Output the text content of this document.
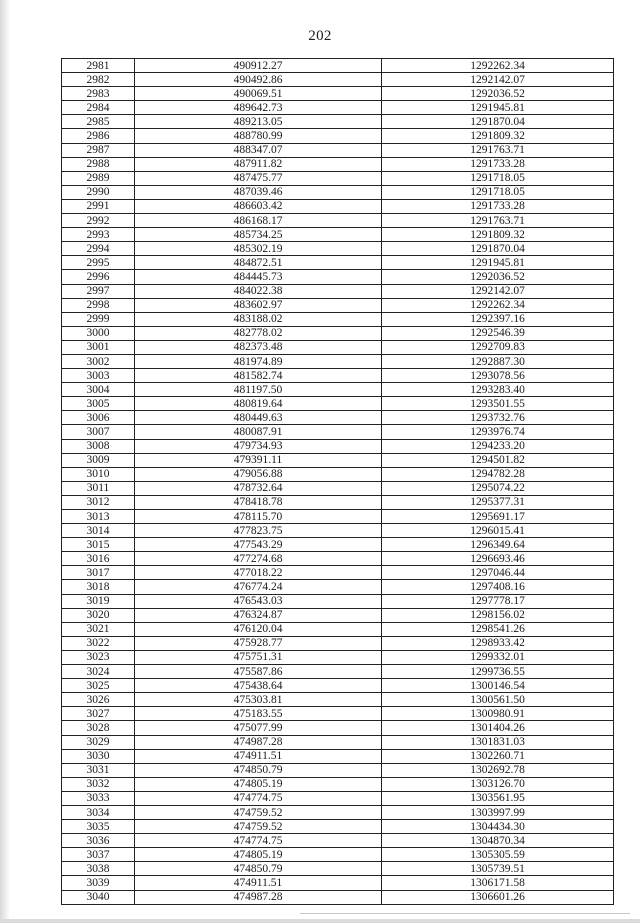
202
2981	490912.27	1292262.34
2982	490492.86	1292142.07
2983	490069.51	1292036.52
2984	489642.73	1291945.81
2985	489213.05	1291870.04
2986	488780.99	1291809.32
2987	488347.07	1291763.71
2988	487911.82	1291733.28
2989	487475.77	1291718.05
2990	487039.46	1291718.05
2991	486603.42	1291733.28
2992	486168.17	1291763.71
2993	485734.25	1291809.32
2994	485302.19	1291870.04
2995	484872.51	1291945.81
2996	484445.73	1292036.52
2997	484022.38	1292142.07
2998	483602.97	1292262.34
2999	483188.02	1292397.16
3000	482778.02	1292546.39
3001	482373.48	1292709.83
3002	481974.89	1292887.30
3003	481582.74	1293078.56
3004	481197.50	1293283.40
3005	480819.64	1293501.55
3006	480449.63	1293732.76
3007	480087.91	1293976.74
3008	479734.93	1294233.20
3009	479391.11	1294501.82
3010	479056.88	1294782.28
3011	478732.64	1295074.22
3012	478418.78	1295377.31
3013	478115.70	1295691.17
3014	477823.75	1296015.41
3015	477543.29	1296349.64
3016	477274.68	1296693.46
3017	477018.22	1297046.44
3018	476774.24	1297408.16
3019	476543.03	1297778.17
3020	476324.87	1298156.02
3021	476120.04	1298541.26
3022	475928.77	1298933.42
3023	475751.31	1299332.01
3024	475587.86	1299736.55
3025	475438.64	1300146.54
3026	475303.81	1300561.50
3027	475183.55	1300980.91
3028	475077.99	1301404.26
3029	474987.28	1301831.03
3030	474911.51	1302260.71
3031	474850.79	1302692.78
3032	474805.19	1303126.70
3033	474774.75	1303561.95
3034	474759.52	1303997.99
3035	474759.52	1304434.30
3036	474774.75	1304870.34
3037	474805.19	1305305.59
3038	474850.79	1305739.51
3039	474911.51	1306171.58
3040	474987.28	1306601.26
